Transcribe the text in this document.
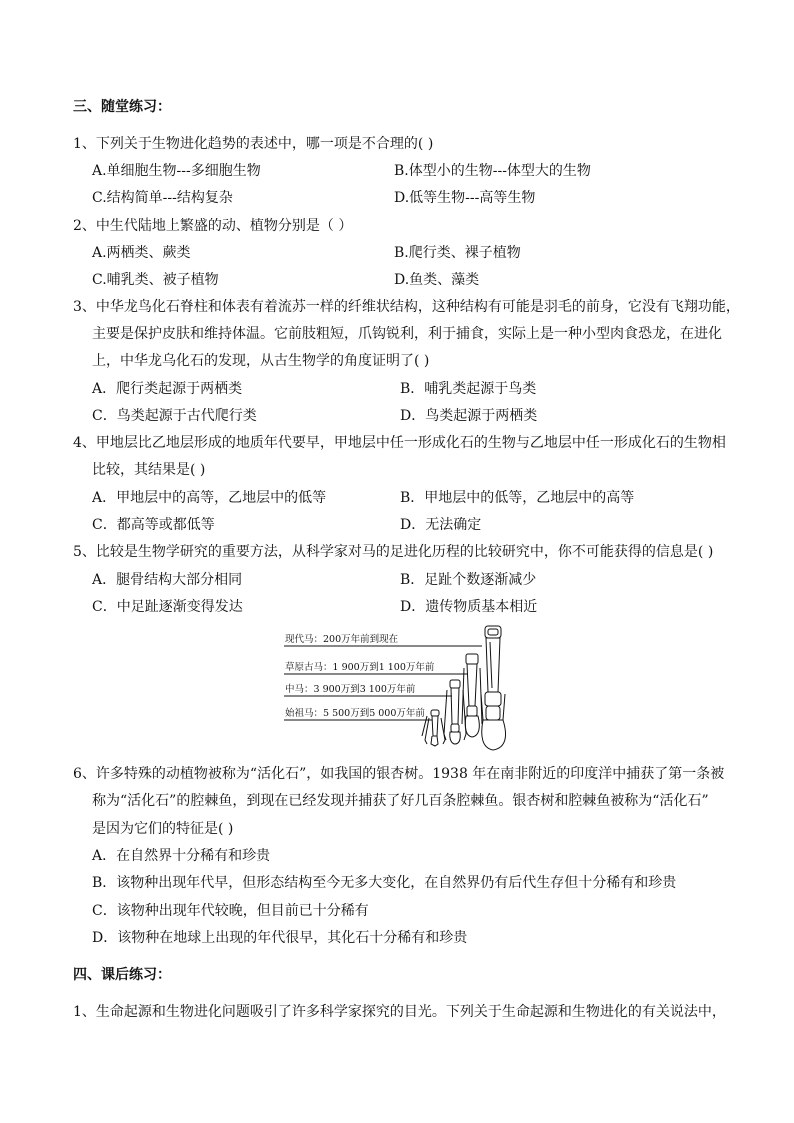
三、随堂练习：
1、下列关于生物进化趋势的表述中，哪一项是不合理的( )
A.单细胞生物---多细胞生物	B.体型小的生物---体型大的生物
C.结构简单---结构复杂	D.低等生物---高等生物
2、中生代陆地上繁盛的动、植物分别是（ ）
A.两栖类、蕨类	B.爬行类、裸子植物
C.哺乳类、被子植物	D.鱼类、藻类
3、中华龙鸟化石脊柱和体表有着流苏一样的纤维状结构，这种结构有可能是羽毛的前身，它没有飞翔功能，
主要是保护皮肤和维持体温。它前肢粗短，爪钩锐利，利于捕食，实际上是一种小型肉食恐龙，在进化
上，中华龙乌化石的发现，从古生物学的角度证明了( )
A．爬行类起源于两栖类	B．哺乳类起源于鸟类
C．鸟类起源于古代爬行类	D．鸟类起源于两栖类
4、甲地层比乙地层形成的地质年代要早，甲地层中任一形成化石的生物与乙地层中任一形成化石的生物相
比较，其结果是( )
A．甲地层中的高等，乙地层中的低等	B．甲地层中的低等，乙地层中的高等
C．都高等或都低等	D．无法确定
5、比较是生物学研究的重要方法，从科学家对马的足进化历程的比较研究中，你不可能获得的信息是( )
A．腿骨结构大部分相同	B．足趾个数逐渐减少
C．中足趾逐渐变得发达	D．遗传物质基本相近
现代马：200万年前到现在
草原古马：1 900万到1 100万年前
中马：3 900万到3 100万年前
始祖马：5 500万到5 000万年前
6、许多特殊的动植物被称为“活化石”，如我国的银杏树。1938 年在南非附近的印度洋中捕获了第一条被
称为“活化石”的腔棘鱼，到现在已经发现并捕获了好几百条腔棘鱼。银杏树和腔棘鱼被称为“活化石”
是因为它们的特征是( )
A．在自然界十分稀有和珍贵
B．该物种出现年代早，但形态结构至今无多大变化，在自然界仍有后代生存但十分稀有和珍贵
C．该物种出现年代较晚，但目前已十分稀有
D．该物种在地球上出现的年代很早，其化石十分稀有和珍贵
四、课后练习：
1、生命起源和生物进化问题吸引了许多科学家探究的目光。下列关于生命起源和生物进化的有关说法中，
